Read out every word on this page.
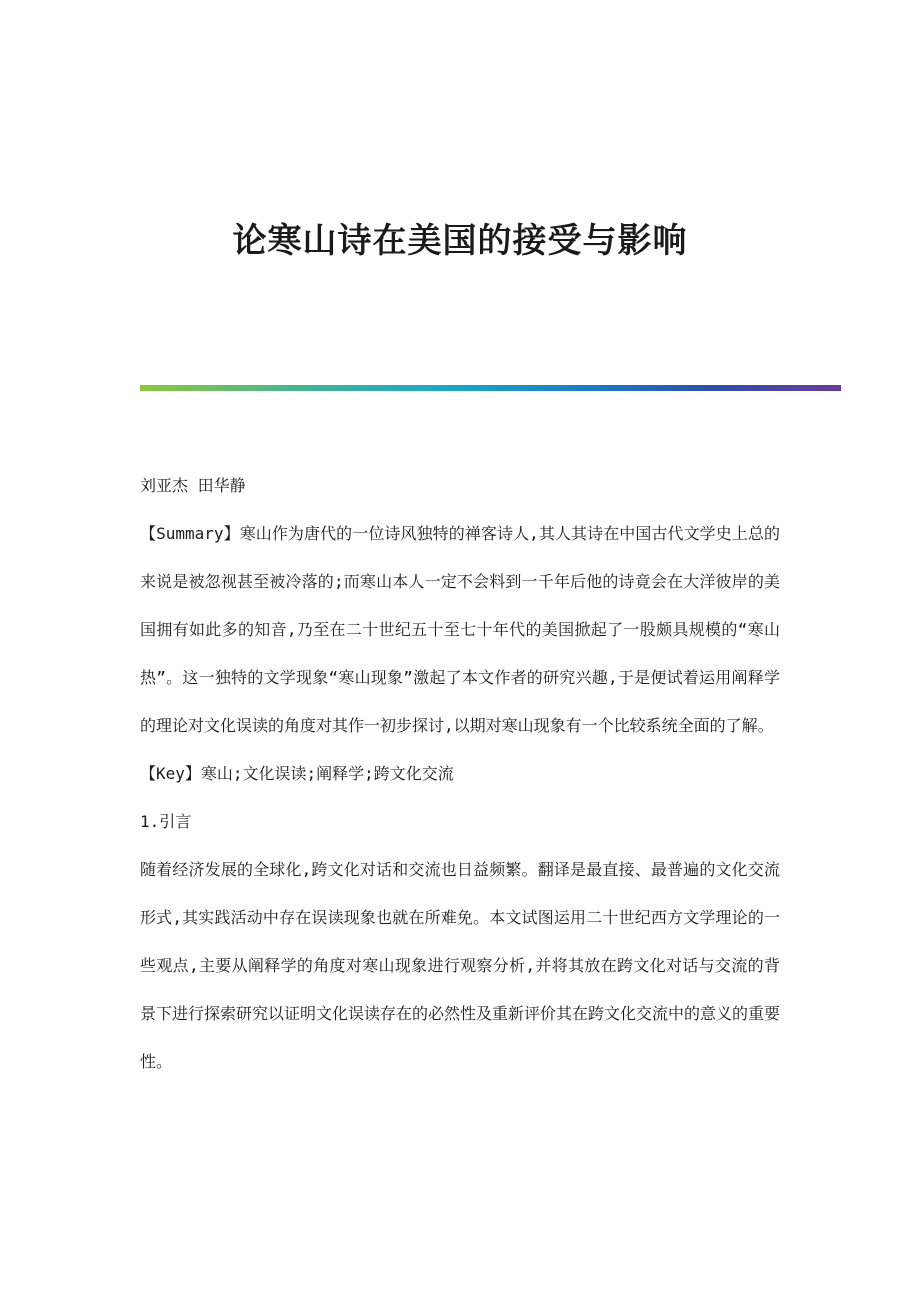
论寒山诗在美国的接受与影响

刘亚杰 田华静

【Summary】寒山作为唐代的一位诗风独特的禅客诗人,其人其诗在中国古代文学史上总的来说是被忽视甚至被冷落的;而寒山本人一定不会料到一千年后他的诗竟会在大洋彼岸的美国拥有如此多的知音,乃至在二十世纪五十至七十年代的美国掀起了一股颇具规模的“寒山热”。这一独特的文学现象“寒山现象”激起了本文作者的研究兴趣,于是便试着运用阐释学的理论对文化误读的角度对其作一初步探讨,以期对寒山现象有一个比较系统全面的了解。

【Key】寒山;文化误读;阐释学;跨文化交流

1.引言

随着经济发展的全球化,跨文化对话和交流也日益频繁。翻译是最直接、最普遍的文化交流形式,其实践活动中存在误读现象也就在所难免。本文试图运用二十世纪西方文学理论的一些观点,主要从阐释学的角度对寒山现象进行观察分析,并将其放在跨文化对话与交流的背景下进行探索研究以证明文化误读存在的必然性及重新评价其在跨文化交流中的意义的重要性。
